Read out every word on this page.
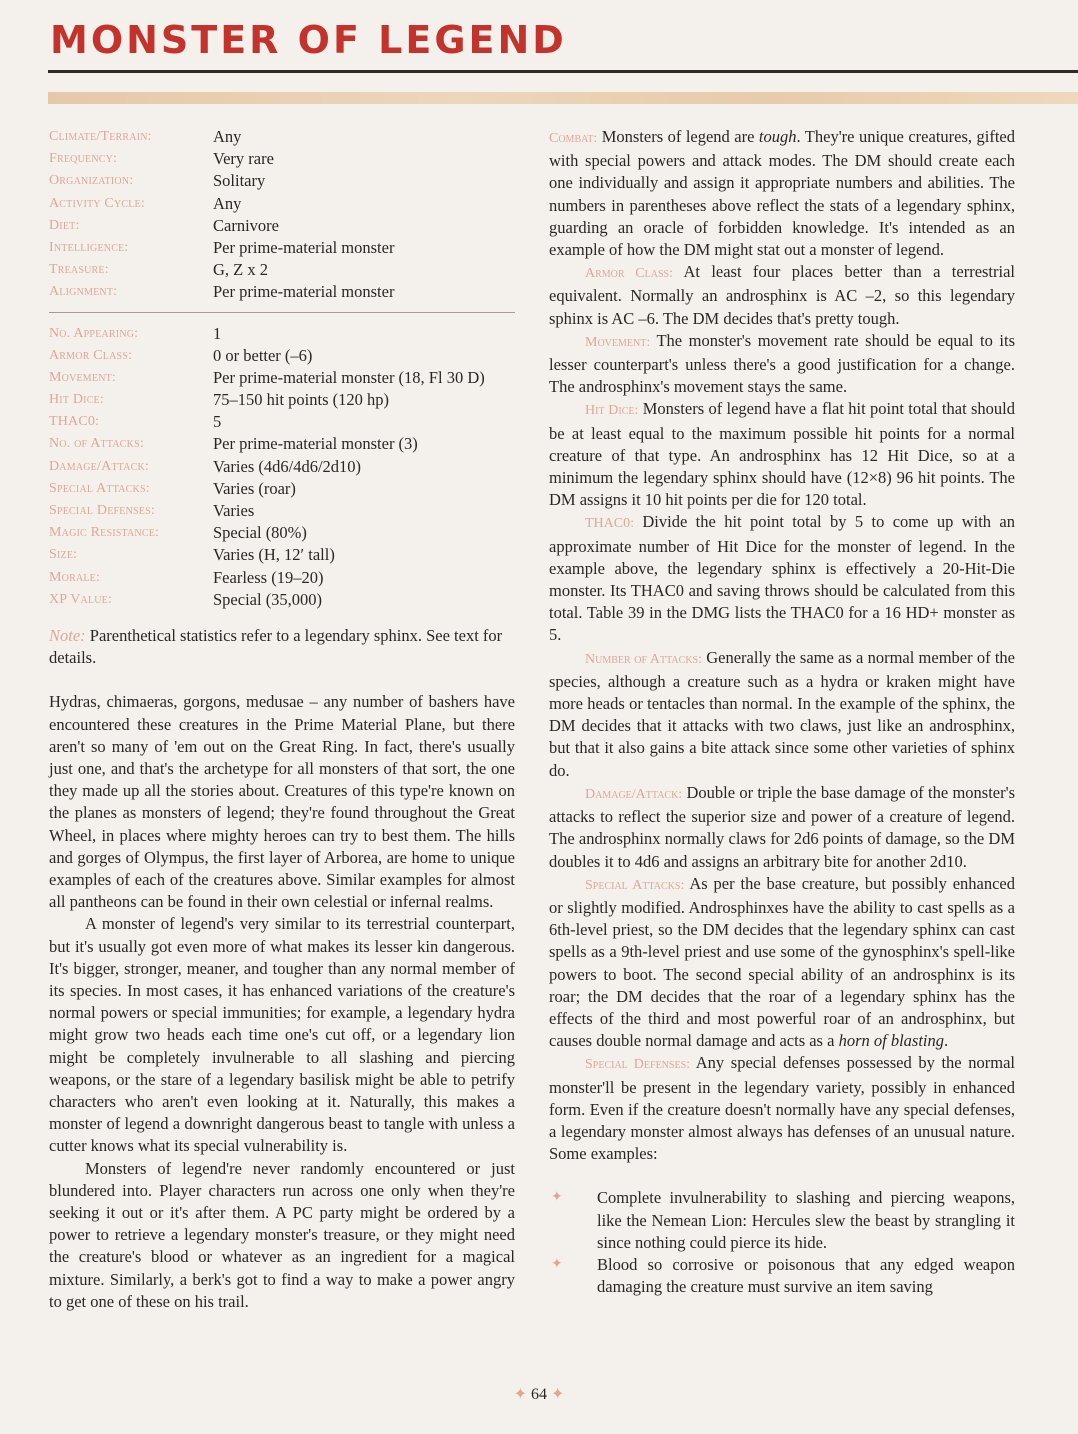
MONSTER OF LEGEND
Climate/Terrain:	Any
Frequency:	Very rare
Organization:	Solitary
Activity Cycle:	Any
Diet:	Carnivore
Intelligence:	Per prime-material monster
Treasure:	G, Z x 2
Alignment:	Per prime-material monster
No. Appearing:	1
Armor Class:	0 or better (–6)
Movement:	Per prime-material monster (18, Fl 30 D)
Hit Dice:	75–150 hit points (120 hp)
THAC0:	5
No. of Attacks:	Per prime-material monster (3)
Damage/Attack:	Varies (4d6/4d6/2d10)
Special Attacks:	Varies (roar)
Special Defenses:	Varies
Magic Resistance:	Special (80%)
Size:	Varies (H, 12′ tall)
Morale:	Fearless (19–20)
XP Value:	Special (35,000)
Note: Parenthetical statistics refer to a legendary sphinx. See text for details.

Hydras, chimaeras, gorgons, medusae – any number of bashers have encountered these creatures in the Prime Material Plane, but there aren't so many of 'em out on the Great Ring. In fact, there's usually just one, and that's the archetype for all monsters of that sort, the one they made up all the stories about. Creatures of this type're known on the planes as monsters of legend; they're found throughout the Great Wheel, in places where mighty heroes can try to best them. The hills and gorges of Olympus, the first layer of Arborea, are home to unique examples of each of the creatures above. Similar examples for almost all pantheons can be found in their own celestial or infernal realms.

A monster of legend's very similar to its terrestrial counterpart, but it's usually got even more of what makes its lesser kin dangerous. It's bigger, stronger, meaner, and tougher than any normal member of its species. In most cases, it has enhanced variations of the creature's normal powers or special immunities; for example, a legendary hydra might grow two heads each time one's cut off, or a legendary lion might be completely invulnerable to all slashing and piercing weapons, or the stare of a legendary basilisk might be able to petrify characters who aren't even looking at it. Naturally, this makes a monster of legend a downright dangerous beast to tangle with unless a cutter knows what its special vulnerability is.

Monsters of legend're never randomly encountered or just blundered into. Player characters run across one only when they're seeking it out or it's after them. A PC party might be ordered by a power to retrieve a legendary monster's treasure, or they might need the creature's blood or whatever as an ingredient for a magical mixture. Similarly, a berk's got to find a way to make a power angry to get one of these on his trail.

Combat: Monsters of legend are tough. They're unique creatures, gifted with special powers and attack modes. The DM should create each one individually and assign it appropriate numbers and abilities. The numbers in parentheses above reflect the stats of a legendary sphinx, guarding an oracle of forbidden knowledge. It's intended as an example of how the DM might stat out a monster of legend.

Armor Class: At least four places better than a terrestrial equivalent. Normally an androsphinx is AC –2, so this legendary sphinx is AC –6. The DM decides that's pretty tough.

Movement: The monster's movement rate should be equal to its lesser counterpart's unless there's a good justification for a change. The androsphinx's movement stays the same.

Hit Dice: Monsters of legend have a flat hit point total that should be at least equal to the maximum possible hit points for a normal creature of that type. An androsphinx has 12 Hit Dice, so at a minimum the legendary sphinx should have (12×8) 96 hit points. The DM assigns it 10 hit points per die for 120 total.

THAC0: Divide the hit point total by 5 to come up with an approximate number of Hit Dice for the monster of legend. In the example above, the legendary sphinx is effectively a 20-Hit-Die monster. Its THAC0 and saving throws should be calculated from this total. Table 39 in the DMG lists the THAC0 for a 16 HD+ monster as 5.

Number of Attacks: Generally the same as a normal member of the species, although a creature such as a hydra or kraken might have more heads or tentacles than normal. In the example of the sphinx, the DM decides that it attacks with two claws, just like an androsphinx, but that it also gains a bite attack since some other varieties of sphinx do.

Damage/Attack: Double or triple the base damage of the monster's attacks to reflect the superior size and power of a creature of legend. The androsphinx normally claws for 2d6 points of damage, so the DM doubles it to 4d6 and assigns an arbitrary bite for another 2d10.

Special Attacks: As per the base creature, but possibly enhanced or slightly modified. Androsphinxes have the ability to cast spells as a 6th-level priest, so the DM decides that the legendary sphinx can cast spells as a 9th-level priest and use some of the gynosphinx's spell-like powers to boot. The second special ability of an androsphinx is its roar; the DM decides that the roar of a legendary sphinx has the effects of the third and most powerful roar of an androsphinx, but causes double normal damage and acts as a horn of blasting.

Special Defenses: Any special defenses possessed by the normal monster'll be present in the legendary variety, possibly in enhanced form. Even if the creature doesn't normally have any special defenses, a legendary monster almost always has defenses of an unusual nature. Some examples:

✦	Complete invulnerability to slashing and piercing weapons, like the Nemean Lion: Hercules slew the beast by strangling it since nothing could pierce its hide.
✦	Blood so corrosive or poisonous that any edged weapon damaging the creature must survive an item saving
✦ 64 ✦
